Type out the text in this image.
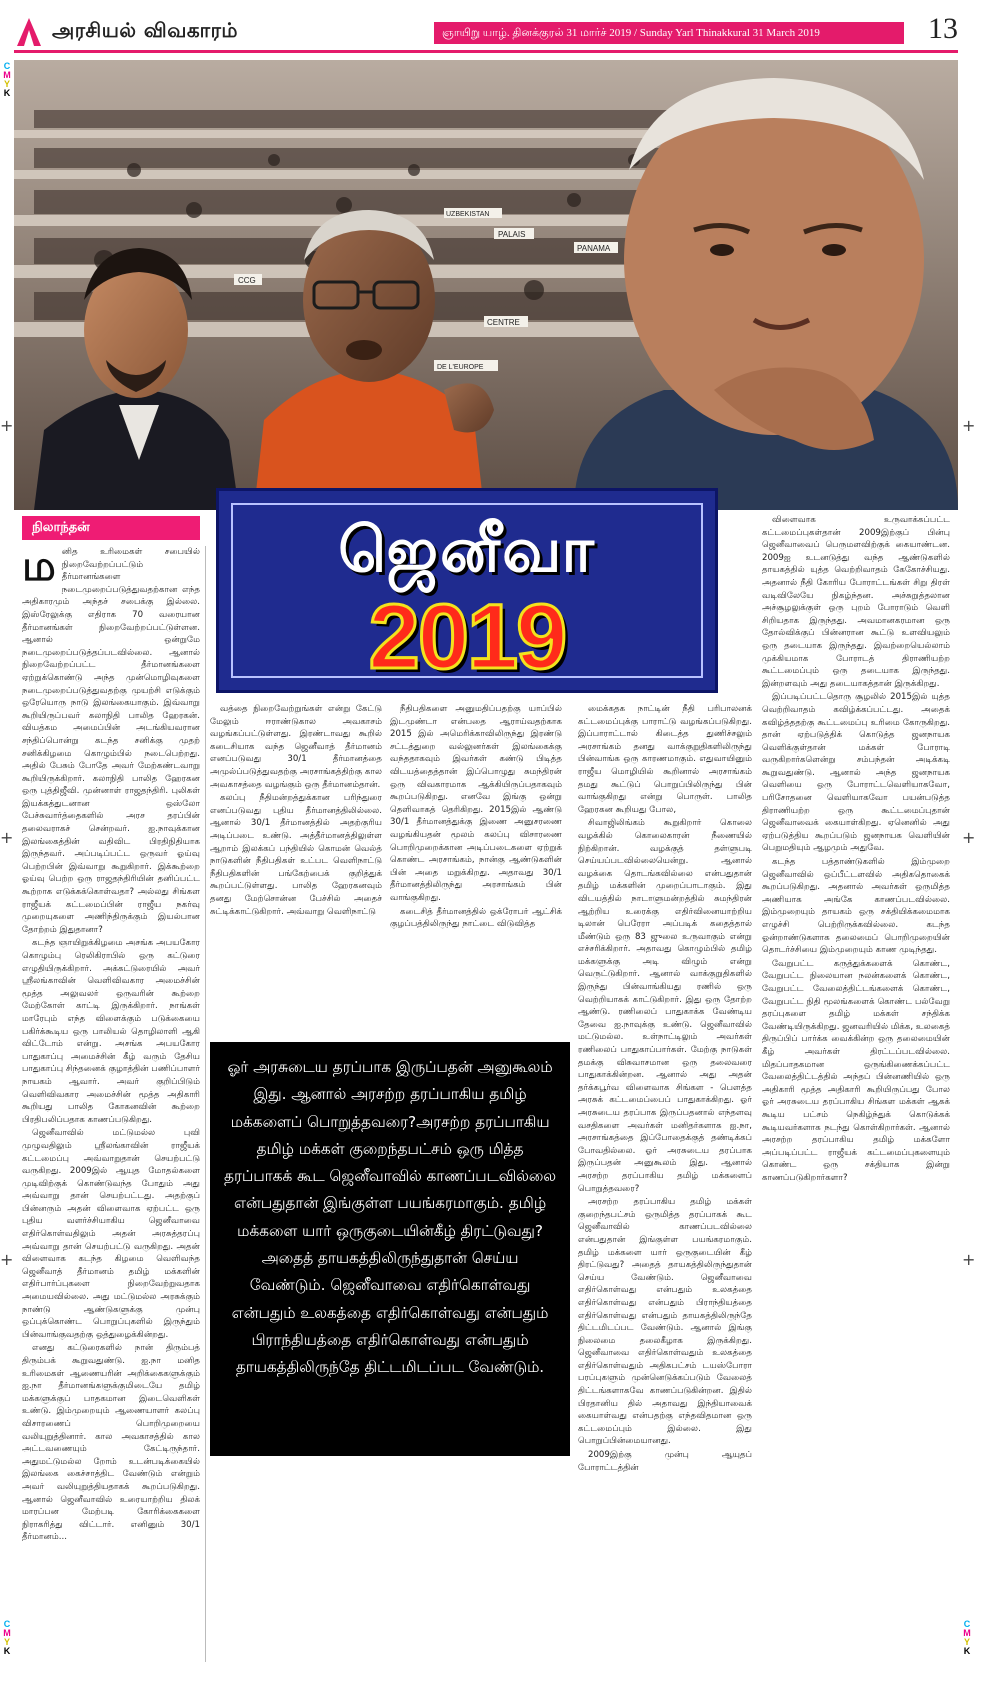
அரசியல் விவகாரம்	ஞாயிறு யாழ். தினக்குரல் 31 மார்ச் 2019 / Sunday Yarl Thinakkural 31 March 2019	13
C
M
Y
K
C
M
Y
K
C
M
Y
K
+
+
+
+
+
+
CCG
PALAIS
PANAMA
CENTRE
UZBEKISTAN
DE L'EUROPE
ஜெனீவா
2019
நிலாந்தன்
ம னித உரிமைகள் சபையில் நிறைவேற்றப்பட்டும் தீர்மானங்களை நடைமுறைப்படுத்துவதற்கான எந்த அதிகாரமும் அந்தச் சபைக்கு இல்லை. இஸ்ரேலுக்கு எதிராக 70 வரையான தீர்மானங்கள் நிறைவேற்றப்பட்டுள்ளன. ஆனால் ஒன்றுமே நடைமுறைப்படுத்தப்படவில்லை. ஆனால் நிறைவேற்றப்பட்ட தீர்மானங்களை ஏற்றுக்கொண்டு அந்த முன்மொழிவுகளை நடைமுறைப்படுத்துவதற்கு முயற்சி எடுக்கும் ஒரேயொரு நாடு இலங்கையாகும். இவ்வாறு கூறியிருப்பவர் கலாநிதி பாலித ஹேரகன். வியத்கம அமைப்பின் அடங்கியவரான சந்திப்பொன்று கடந்த சனிக்கு முதற் சனிக்கிழமை கொழும்பில் நடைபெற்றது. அதில் பேசும் போதே அவர் மேற்கண்டவாறு கூறியிருக்கிறார். கலாநிதி பாலித ஹேரகன ஒரு புத்திஜீவி. முன்னாள் ராஜதந்திரி. புலிகள் இயக்கத்துடனான ஒஸ்லோ பேச்சுவார்த்தைகளில் அரச தரப்பின் தலைவராகச் சென்றவர். ஐ.நாவுக்கான இலங்கைத்தின் வதிவிட பிரதிநிதியாக இருந்தவர். அப்படிப்பட்ட ஒருவர் ஓய்வு பெற்றபின் இவ்வாறு கூறுகிறார். இக்கூற்றை ஓய்வு பெற்ற ஒரு ராஜதந்திரியின் தனிப்பட்ட கூற்றாக எடுக்கக்கொள்வதா? அல்லது சிங்கள ராஜீயக் கட்டமைப்பின் ராஜீய நகர்வு முறையுகளை அணிந்திருக்கும் இயல்பான தோற்றம் இதுதானா?

கடந்த ஞாயிறுக்கிழமை அசங்க அபயகோர கொழும்பு ரெலிகிராபில் ஒரு கட்டுரை எழுதியிருக்கிறார். அக்கட்டுரையில் அவர் ஸ்ரீலங்காவின் வெளிவிவகார அமைச்சின் மூத்த அலுவலர் ஒருவரின் கூற்றை மேற்கோள் காட்டி இருக்கிறார். நாங்கள் மாரேபும் எந்த விளைக்கும் படுக்கையை பகிர்க்கூடிய ஒரு பாலியல் தொழிலாளி ஆகி விட்டோம் என்று. அசங்க அபயகோர பாதுகாப்பு அமைச்சின் கீழ் வரும் தேசிய பாதுகாப்பு சிந்தனைக் குழாத்தின் பணிப்பாளர் நாயகம் ஆவார். அவர் குறிப்பிடும் வெளிவிவகார அமைச்சின் மூத்த அதிகாரி கூறியது பாலித கோகனவின் கூற்றை பிரதிபலிப்பதாக காணப்படுகிறது.

ஜெனீவாவில் மட்டுமல்ல புவி முழுவதிலும் ஸ்ரீலங்காவின் ராஜீயக் கட்டமைப்பு அவ்வாறுதான் செயற்பட்டு வருகிறது. 2009இல் ஆயுத மோதல்களை முடிவிற்குக் கொண்டுவந்த போதும் அது அவ்வாறு தான் செயற்பட்டது. அதற்குப் பின்னரும் அதன் விளைவாக ஏற்பட்ட ஒரு புதிய வளர்ச்சியாகிய ஜெனீவாவை எதிர்கொள்வதிலும் அதன் அரசுத்தரப்பு அவ்வாறு தான் செயற்பட்டு வருகிறது. அதன் விளைவாக கடந்த கிழமை வெளிவந்த ஜெனீவாத் தீர்மானம் தமிழ் மக்களின் எதிர்பார்ப்புகளை நிறைவேற்றுவதாக அமையவில்லை. அது மட்டுமல்ல அரசுக்கும் நாண்டு ஆண்டுகளுக்கு முன்பு ஒப்புக்கொண்ட பொறுப்புகளில் இருந்தும் பின்வாங்குவதற்கு ஒத்துழைக்கின்றது.

எனது கட்டுரைகளில் நான் திரும்பத் திரும்பக் கூறுவதுண்டு. ஐ.நா மனித உரிமைகள் ஆணையரின் அறிக்கைகளுக்கும் ஐ.நா தீர்மானங்களுக்குமிடையே தமிழ் மக்களுக்குப் பாதகமான இடைவெளிகள் உண்டு. இம்முறையும் ஆணையாளர் கலப்பு விசாரணைப் பொறிமுறையை வலியுறுத்தினார். கால அவகாசத்தில் கால அட்டவணையும் கேட்டிருந்தார். அதுமட்டுமல்ல றோம் உடன்படிக்கையில் இலங்கை கைச்சாத்திட வேண்டும் என்றும் அவர் வலியுறுத்தியதாகக் கூறப்படுகிறது. ஆனால் ஜெனீவாவில் உரையாற்றிய திலக் மாரப்பன மேற்படி கோரிக்கைகளை நிராகரித்து விட்டார். எனினும் 30/1 தீர்மானம்...

வத்தை நிறைவேற்றுங்கள் என்று கேட்டு மேலும் ஈராண்டுகால அவகாசம் வழங்கப்பட்டுள்ளது. இரண்டாவது கூறில் கடைசியாக வந்த ஜெனீவாத் தீர்மானம் எனப்படுவது 30/1 தீர்மானத்தை அமுல்ப்படுத்துவதற்கு அரசாங்கத்திற்கு கால அவகாசத்தை வழங்கும் ஒரு தீர்மானம்தான்.

கலப்பு நீதிமன்றத்துக்கான பரிந்துரை எனப்படுவது புதிய தீர்மானத்திலில்லை. ஆனால் 30/1 தீர்மானத்தில் அதற்குரிய அடிப்படை உண்டு. அத்தீர்மானத்திலுள்ள ஆறாம் இலக்கப் பந்தியில் கொமன் வெல்த் நாடுகளின் நீதிபதிகள் உட்பட வெளிநாட்டு நீதிபதிகளின் பங்கேற்பைக் குறித்துக் கூறப்பட்டுள்ளது. பாலித ஹேரகனவும் தனது மேற்சொன்ன பேச்சில் அதைச் சுட்டிக்காட்டுகிறார். அவ்வாறு வெளிநாட்டு

நீதிபதிகளை அனுமதிப்பதற்கு யாப்பில் இடமுண்டா என்பதை ஆராய்வதற்காக 2015 இல் அமெரிக்காவிலிருந்து இரண்டு சட்டத்துறை வல்லுனர்கள் இலங்கைக்கு வந்ததாகவும் இவர்கள் கண்டு பிடித்த விடயத்தைத்தான் இப்பொழுது சுமந்திரன் ஒரு விவகாரமாக ஆக்கியிருப்பதாகவும் கூறப்படுகிறது. எனவே இங்கு ஒன்று தெளிவாகத் தெரிகிறது. 2015இல் ஆண்டு 30/1 தீர்மானத்துக்கு இணை அனுசரணை வழங்கியதன் மூலம் கலப்பு விசாரணை பொறிமுறைக்கான அடிப்படைகளை ஏற்றுக் கொண்ட அரசாங்கம், நான்கு ஆண்டுகளின் பின் அதை மறுக்கிறது. அதாவது 30/1 தீர்மானத்திலிருந்து அரசாங்கம் பின் வாங்குகிறது.

கடைசித் தீர்மானத்தில் ஒக்ரோபர் ஆட்சிக் குழப்பத்திலிருந்து நாட்டை விடுவித்த

ஓர் அரசுடைய தரப்பாக இருப்பதன் அனுகூலம் இது. ஆனால் அரசற்ற தரப்பாகிய தமிழ் மக்களைப் பொறுத்தவரை?அரசற்ற தரப்பாகிய தமிழ் மக்கள் குறைந்தபட்சம் ஒரு மித்த தரப்பாகக் கூட ஜெனீவாவில் காணப்படவில்லை என்பதுதான் இங்குள்ள பயங்கரமாகும். தமிழ் மக்களை யார் ஒருகுடையின்கீழ் திரட்டுவது? அதைத் தாயகத்திலிருந்துதான் செய்ய வேண்டும். ஜெனீவாவை எதிர்கொள்வது என்பதும் உலகத்தை எதிர்கொள்வது என்பதும் பிராந்தியத்தை எதிர்கொள்வது என்பதும் தாயகத்திலிருந்தே திட்டமிடப்பட வேண்டும்.

மைக்கதக நாட்டின் நீதி பரிபாலனக் கட்டமைப்புக்கு பாராட்டு வழங்கப்படுகிறது. இப்பாராட்டால் கிடைத்த துணிச்சலும் அரசாங்கம் தனது வாக்குறுதிகளிலிருந்து பின்வாங்க ஒரு காரணமாகும். எதுவாயினும் ராஜீய மொழியில் கூறினால் அரசாங்கம் தமது கூட்டுப் பொறுப்பிலிருந்து பின் வாங்குகிறது என்று பொருள். பாலித ஹேரகன கூறியது போல,

சிவாஜிலிங்கம் கூறுகிறார் கொலை வழக்கில் கொலைகாரன் நீணையில் நிற்கிறான். வழக்குத் தள்ளுபடி செய்யப்படவில்லையென்று. ஆனால் வழக்கை தொடங்கவில்லை என்பதுதான் தமிழ் மக்களின் முறைப்பாடாகும். இது விடயத்தில் நாடாளுமன்றத்தில் சுமந்திரன் ஆற்றிய உரைக்கு எதிர்வினையாற்றிய டிலான் பெரேரா அப்படிக் கதைத்தால் மீண்டும் ஒரு 83 ஜுலை உருவாகும் என்று எச்சரிக்கிறார். அதாவது கொழும்பில் தமிழ் மக்களுக்கு அடி விழும் என்று வெருட்டுகிறார். ஆனால் வாக்குறுதிகளில் இருந்து பின்வாங்கியது ரணில் ஒரு வெற்றியாகக் காட்டுகிறார். இது ஒரு தோற்ற ஆண்டு. ரணிலைப் பாதுகாக்க வேண்டிய தேவை ஐ.நாவுக்கு உண்டு. ஜெனீவாவில் மட்டுமல்ல. உள்நாட்டிலும் அவர்கள் ரணிலைப் பாதுகாப்பார்கள். மேற்கு நாடுகள் தமக்கு விசுவாசமான ஒரு தலைவரை பாதுகாக்கின்றன. ஆனால் அது அதன் தர்க்கபூர்வ விளைவாக சிங்கள - பௌத்த அரசுக் கட்டமைப்பைப் பாதுகாக்கிறது. ஓர் அரசுடைய தரப்பாக இருப்பதனால் எந்தளவு வசதிகளை அவர்கள் மனிதர்களாக ஐ.நா, அரசாங்கத்தை இப்போதைக்குத் தண்டிக்கப் போவதில்லை. ஓர் அரசுடைய தரப்பாக இருப்பதன் அனுகூலம் இது. ஆனால் அரசற்ற தரப்பாகிய தமிழ் மக்களைப் பொறுத்தவரை?

அரசற்ற தரப்பாகிய தமிழ் மக்கள் குறைந்தபட்சம் ஒருமித்த தரப்பாகக் கூட ஜெனீவாவில் காணப்படவில்லை என்பதுதான் இங்குள்ள பயங்கரமாகும். தமிழ் மக்களை யார் ஒருகுடையின் கீழ் திரட்டுவது? அதைத் தாயகத்திலிருந்துதான் செய்ய வேண்டும். ஜெனீவாவை எதிர்கொள்வது என்பதும் உலகத்தை எதிர்கொள்வது என்பதும் பிராந்தியத்தை எதிர்கொள்வது என்பதும் தாயகத்திலிருந்தே திட்டமிடப்பட வேண்டும். ஆனால் இங்கு நிலைமை தலைகீழாக இருக்கிறது. ஜெனீவாவை எதிர்கொள்வதும் உலகத்தை எதிர்கொள்வதும் அதிகபட்சம் டயஸ்போரா பரப்புகளும் முன்னெடுக்கப்படும் வேலைத் திட்டங்களாகவே காணப்படுகின்றன. இதில் பிரதானிய தில் அதாவது இந்தியாவைக் கையாள்வது என்பதற்கு எந்தவிதமான ஒரு கட்டமைப்பும் இல்லை. இது பொறுப்பின்மையானது.

2009இற்கு முன்பு ஆயுதப் போராட்டத்தின்

விளைவாக உருவாக்கப்பட்ட கட்டமைப்புகள்தான் 2009இற்குப் பின்பு ஜெனீவாவைப் பெருமளவிற்குக் கையாண்டன. 2009ஐ உடனடுத்து வந்த ஆண்டுகளில் தாயகத்தில் யுத்த வெற்றிவாதம் கேகோச்சியது. அதனால் நீதி கோரிய போராட்டங்கள் சிறு திரள் வடிவிலேயே நிகழ்ந்தன. அச்சுறுத்தலான அச்சூழலுக்குள் ஒரு புறம் போராடும் வெளி சிறியதாக இருந்தது. அவமானகரமான ஒரு தோல்விக்குப் பின்னரான கூட்டு உளவியலும் ஒரு தடையாக இருந்தது. இவற்றையெல்லாம் முக்கியமாக போராடத் திராணியற்ற கூட்டமைப்பும் ஒரு தடையாக இருந்தது. இன்றளவும் அது தடையாகத்தான் இருக்கிறது.

இப்படிப்பட்டதொரு சூழலில் 2015இல் யுத்த வெற்றிவாதம் கவிழ்க்கப்பட்டது. அதைக் கவிழ்த்ததற்கு கூட்டமைப்பு உரிமை கோருகிறது. தான் ஏற்படுத்திக் கொடுத்த ஜனநாயக வெளிக்குள்தான் மக்கள் போராடி வருகிறார்களென்று சம்பந்தன் அடிக்கடி கூறுவதுண்டு. ஆனால் அந்த ஜனநாயக வெளியை ஒரு போராட்டவெளியாகவோ, பரிசோதனை வெளியாகவோ பயன்படுத்த திராணியற்ற ஒரு கூட்டமைப்புதான் ஜெனீவாவைக் கையாள்கிறது. ஏனெனில் அது ஏற்படுத்திய கூறப்படும் ஜனநாயக வெளியின் பெறுமதியும் ஆழமும் அதுவே.

கடந்த பத்தாண்டுகளில் இம்முறை ஜெனீவாவில் ஒப்பீட்டளவில் அதிகதொகைக் கூறப்படுகிறது. அதனால் அவர்கள் ஒருமித்த அணியாக அங்கே காணப்படவில்லை. இம்முறையும் தாயகம் ஒரு சக்தியிக்கமைமாக எழுச்சி பெற்றிருக்கவில்லை. கடந்த ஓன்றாண்டுகளாக தலைமைப் பொறிமுறையின் தொடர்ச்சியை இம்முறையும் காண முடிந்தது.

வேறுபட்ட கருத்துக்களைக் கொண்ட, வேறுபட்ட நிலையான நலன்களைக் கொண்ட, வேறுபட்ட வேலைத்திட்டங்களைக் கொண்ட, வேறுபட்ட நிதி மூலங்களைக் கொண்ட பல்வேறு தரப்புகளை தமிழ் மக்கள் சந்திக்க வேண்டியிருக்கிறது. ஜனவரியில் மிக்க, உலகைத் திருப்பிப் பார்க்க வைக்கின்ற ஒரு தலைமையின் கீழ் அவர்கள் திரட்டப்படவில்லை. மிதப்பாதகமான ஒருங்கிணைக்கப்பட்ட வேலைத்திட்டத்தில் அந்தப் பின்னணியில் ஒரு அதிகாரி மூத்த அதிகாரி கூறியிருப்பது போல ஓர் அரசுடைய தரப்பாகிய சிங்கள மக்கள் ஆகக் கூடிய பட்சம் நெகிழ்ந்துக் கொடுக்கக் கூடியவர்களாக நடந்து கொள்கிறார்கள். ஆனால் அரசற்ற தரப்பாகிய தமிழ் மக்களோ அப்படிப்பட்ட ராஜீயக் கட்டமைப்புகளையும் கொண்ட ஒரு சக்தியாக இன்று காணப்படுகிறார்களா?
